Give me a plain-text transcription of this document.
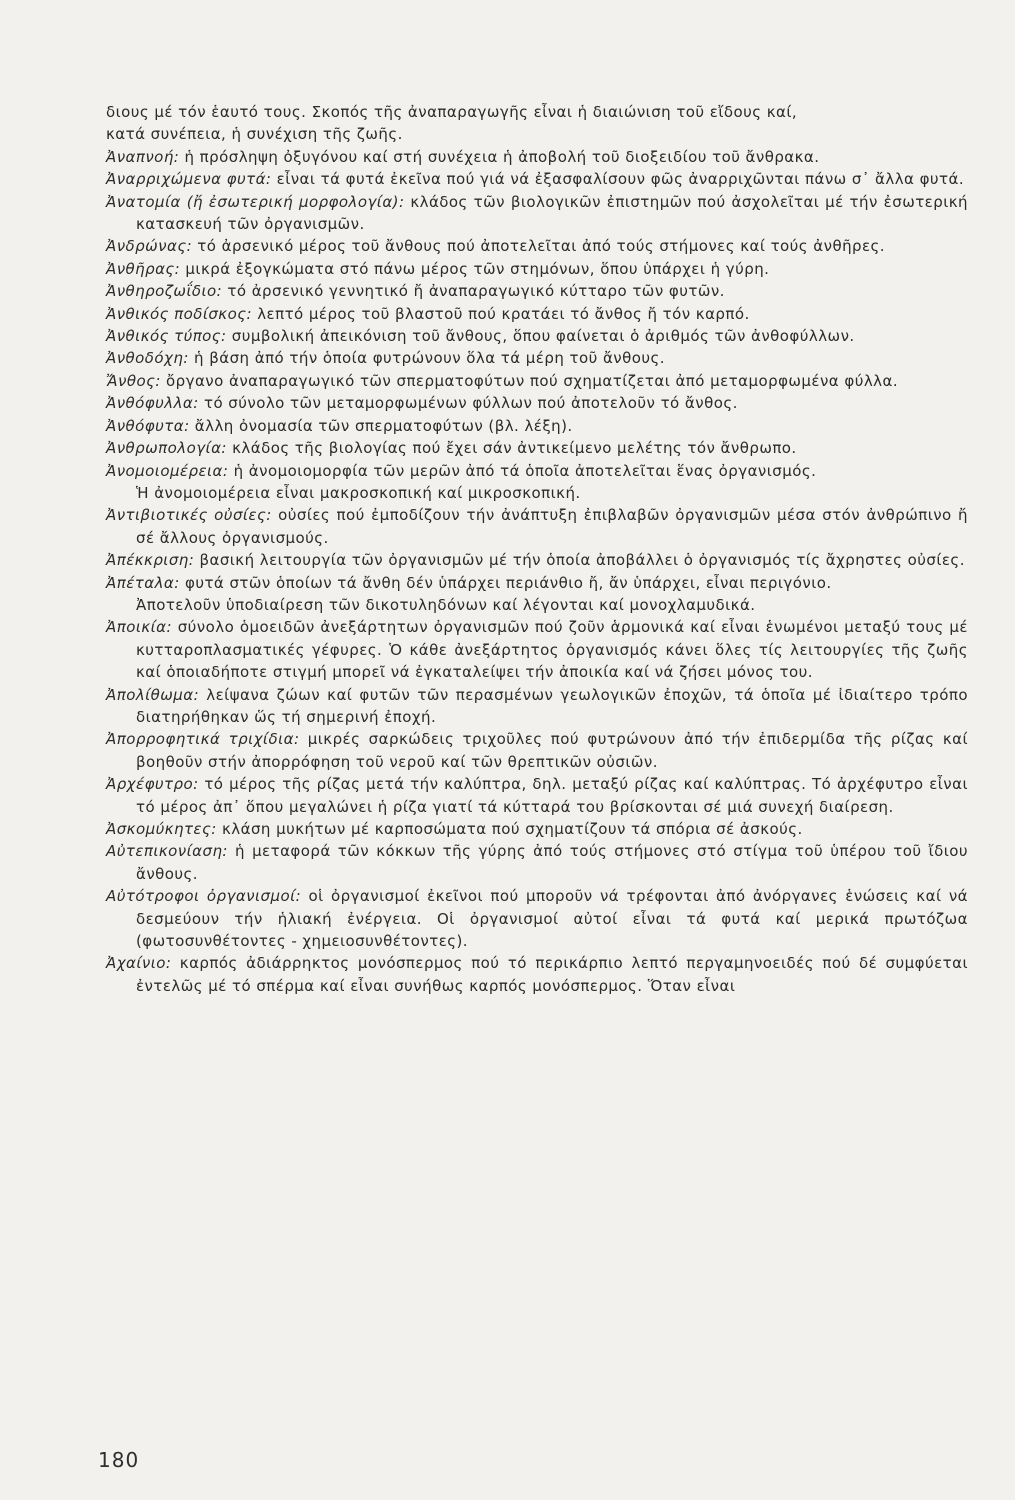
διους μέ τόν ἑαυτό τους. Σκοπός τῆς ἀναπαραγωγῆς εἶναι ἡ διαιώνιση τοῦ εἴδους καί,
κατά συνέπεια, ἡ συνέχιση τῆς ζωῆς.

Ἀναπνοή: ἡ πρόσληψη ὀξυγόνου καί στή συνέχεια ἡ ἀποβολή τοῦ διοξειδίου τοῦ ἄνθρακα.

Ἀναρριχώμενα φυτά: εἶναι τά φυτά ἐκεῖνα πού γιά νά ἐξασφαλίσουν φῶς ἀναρριχῶνται πάνω σ᾽ ἄλλα φυτά.

Ἀνατομία (ἤ ἐσωτερική μορφολογία): κλάδος τῶν βιολογικῶν ἐπιστημῶν πού ἀσχολεῖται μέ τήν ἐσωτερική κατασκευή τῶν ὀργανισμῶν.

Ἀνδρώνας: τό ἀρσενικό μέρος τοῦ ἄνθους πού ἀποτελεῖται ἀπό τούς στήμονες καί τούς ἀνθῆρες.

Ἀνθῆρας: μικρά ἐξογκώματα στό πάνω μέρος τῶν στημόνων, ὅπου ὑπάρχει ἡ γύρη.

Ἀνθηροζωΐδιο: τό ἀρσενικό γεννητικό ἤ ἀναπαραγωγικό κύτταρο τῶν φυτῶν.

Ἀνθικός ποδίσκος: λεπτό μέρος τοῦ βλαστοῦ πού κρατάει τό ἄνθος ἤ τόν καρπό.

Ἀνθικός τύπος: συμβολική ἀπεικόνιση τοῦ ἄνθους, ὅπου φαίνεται ὁ ἀριθμός τῶν ἀνθοφύλλων.

Ἀνθοδόχη: ἡ βάση ἀπό τήν ὁποία φυτρώνουν ὅλα τά μέρη τοῦ ἄνθους.

Ἄνθος: ὄργανο ἀναπαραγωγικό τῶν σπερματοφύτων πού σχηματίζεται ἀπό μεταμορφωμένα φύλλα.

Ἀνθόφυλλα: τό σύνολο τῶν μεταμορφωμένων φύλλων πού ἀποτελοῦν τό ἄνθος.

Ἀνθόφυτα: ἄλλη ὀνομασία τῶν σπερματοφύτων (βλ. λέξη).

Ἀνθρωπολογία: κλάδος τῆς βιολογίας πού ἔχει σάν ἀντικείμενο μελέτης τόν ἄνθρωπο.

Ἀνομοιομέρεια: ἡ ἀνομοιομορφία τῶν μερῶν ἀπό τά ὁποῖα ἀποτελεῖται ἕνας ὀργανισμός.

Ἡ ἀνομοιομέρεια εἶναι μακροσκοπική καί μικροσκοπική.

Ἀντιβιοτικές οὐσίες: οὐσίες πού ἐμποδίζουν τήν ἀνάπτυξη ἐπιβλαβῶν ὀργανισμῶν μέσα στόν ἀνθρώπινο ἤ σέ ἄλλους ὀργανισμούς.

Ἀπέκκριση: βασική λειτουργία τῶν ὀργανισμῶν μέ τήν ὁποία ἀποβάλλει ὁ ὀργανισμός τίς ἄχρηστες οὐσίες.

Ἀπέταλα: φυτά στῶν ὁποίων τά ἄνθη δέν ὑπάρχει περιάνθιο ἤ, ἄν ὑπάρχει, εἶναι περιγόνιο.

Ἀποτελοῦν ὑποδιαίρεση τῶν δικοτυληδόνων καί λέγονται καί μονοχλαμυδικά.

Ἀποικία: σύνολο ὁμοειδῶν ἀνεξάρτητων ὀργανισμῶν πού ζοῦν ἁρμονικά καί εἶναι ἑνωμένοι μεταξύ τους μέ κυτταροπλασματικές γέφυρες. Ὁ κάθε ἀνεξάρτητος ὀργανισμός κάνει ὅλες τίς λειτουργίες τῆς ζωῆς καί ὁποιαδήποτε στιγμή μπορεῖ νά ἐγκαταλείψει τήν ἀποικία καί νά ζήσει μόνος του.

Ἀπολίθωμα: λείψανα ζώων καί φυτῶν τῶν περασμένων γεωλογικῶν ἐποχῶν, τά ὁποῖα μέ ἰδιαίτερο τρόπο διατηρήθηκαν ὥς τή σημερινή ἐποχή.

Ἀπορροφητικά τριχίδια: μικρές σαρκώδεις τριχοῦλες πού φυτρώνουν ἀπό τήν ἐπιδερμίδα τῆς ρίζας καί βοηθοῦν στήν ἀπορρόφηση τοῦ νεροῦ καί τῶν θρεπτικῶν οὐσιῶν.

Ἀρχέφυτρο: τό μέρος τῆς ρίζας μετά τήν καλύπτρα, δηλ. μεταξύ ρίζας καί καλύπτρας. Τό ἀρχέφυτρο εἶναι τό μέρος ἀπ᾽ ὅπου μεγαλώνει ἡ ρίζα γιατί τά κύτταρά του βρίσκονται σέ μιά συνεχή διαίρεση.

Ἀσκομύκητες: κλάση μυκήτων μέ καρποσώματα πού σχηματίζουν τά σπόρια σέ ἀσκούς.

Αὐτεπικονίαση: ἡ μεταφορά τῶν κόκκων τῆς γύρης ἀπό τούς στήμονες στό στίγμα τοῦ ὑπέρου τοῦ ἴδιου ἄνθους.

Αὐτότροφοι ὀργανισμοί: οἱ ὀργανισμοί ἐκεῖνοι πού μποροῦν νά τρέφονται ἀπό ἀνόργανες ἑνώσεις καί νά δεσμεύουν τήν ἡλιακή ἐνέργεια. Οἱ ὀργανισμοί αὐτοί εἶναι τά φυτά καί μερικά πρωτόζωα (φωτοσυνθέτοντες - χημειοσυνθέτοντες).

Ἀχαίνιο: καρπός ἀδιάρρηκτος μονόσπερμος πού τό περικάρπιο λεπτό περγαμηνοειδές πού δέ συμφύεται ἐντελῶς μέ τό σπέρμα καί εἶναι συνήθως καρπός μονόσπερμος. Ὅταν εἶναι

180
